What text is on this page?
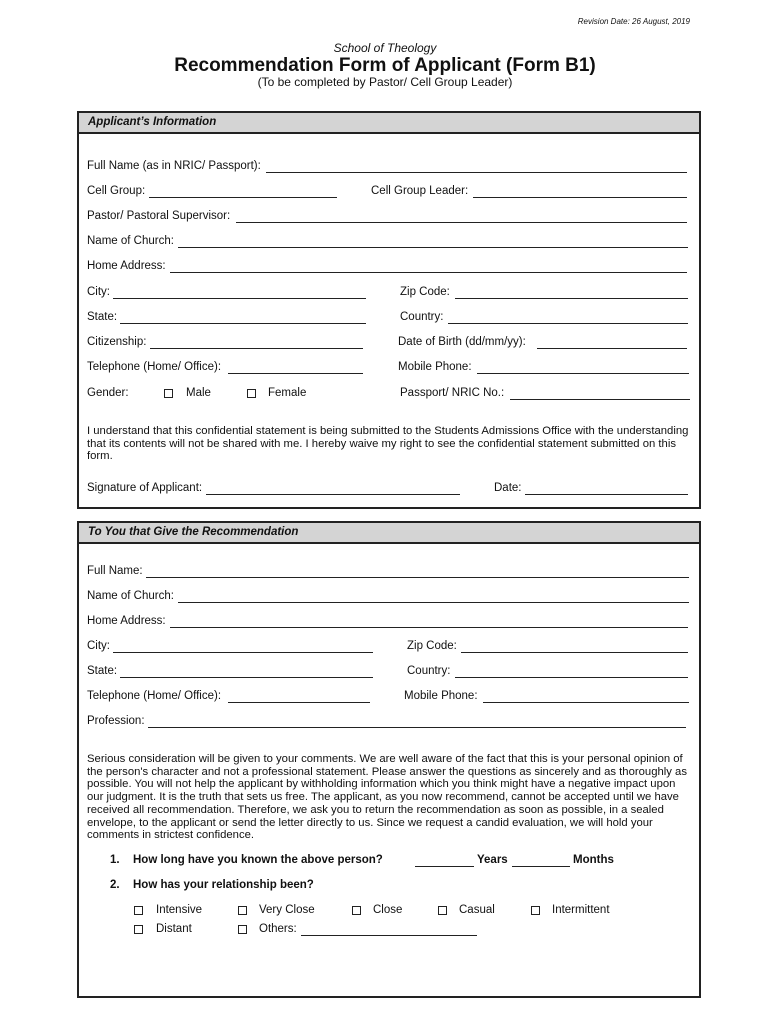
Revision Date: 26 August, 2019
School of Theology
Recommendation Form of Applicant (Form B1)
(To be completed by Pastor/ Cell Group Leader)
Applicant’s Information
Full Name (as in NRIC/ Passport):
Cell Group:	Cell Group Leader:
Pastor/ Pastoral Supervisor:
Name of Church:
Home Address:
City:	Zip Code:
State:	Country:
Citizenship:	Date of Birth (dd/mm/yy):
Telephone (Home/ Office):	Mobile Phone:
Gender:	Male	Female	Passport/ NRIC No.:
I understand that this confidential statement is being submitted to the Students Admissions Office with the understanding that its contents will not be shared with me. I hereby waive my right to see the confidential statement submitted on this form.
Signature of Applicant:	Date:
To You that Give the Recommendation
Full Name:
Name of Church:
Home Address:
City:	Zip Code:
State:	Country:
Telephone (Home/ Office):	Mobile Phone:
Profession:
Serious consideration will be given to your comments. We are well aware of the fact that this is your personal opinion of the person's character and not a professional statement. Please answer the questions as sincerely and as thoroughly as possible. You will not help the applicant by withholding information which you think might have a negative impact upon our judgment. It is the truth that sets us free. The applicant, as you now recommend, cannot be accepted until we have received all recommendation. Therefore, we ask you to return the recommendation as soon as possible, in a sealed envelope, to the applicant or send the letter directly to us. Since we request a candid evaluation, we will hold your comments in strictest confidence.
1. How long have you known the above person?	Years	Months
2. How has your relationship been?
Intensive	Very Close	Close	Casual	Intermittent
Distant	Others:
